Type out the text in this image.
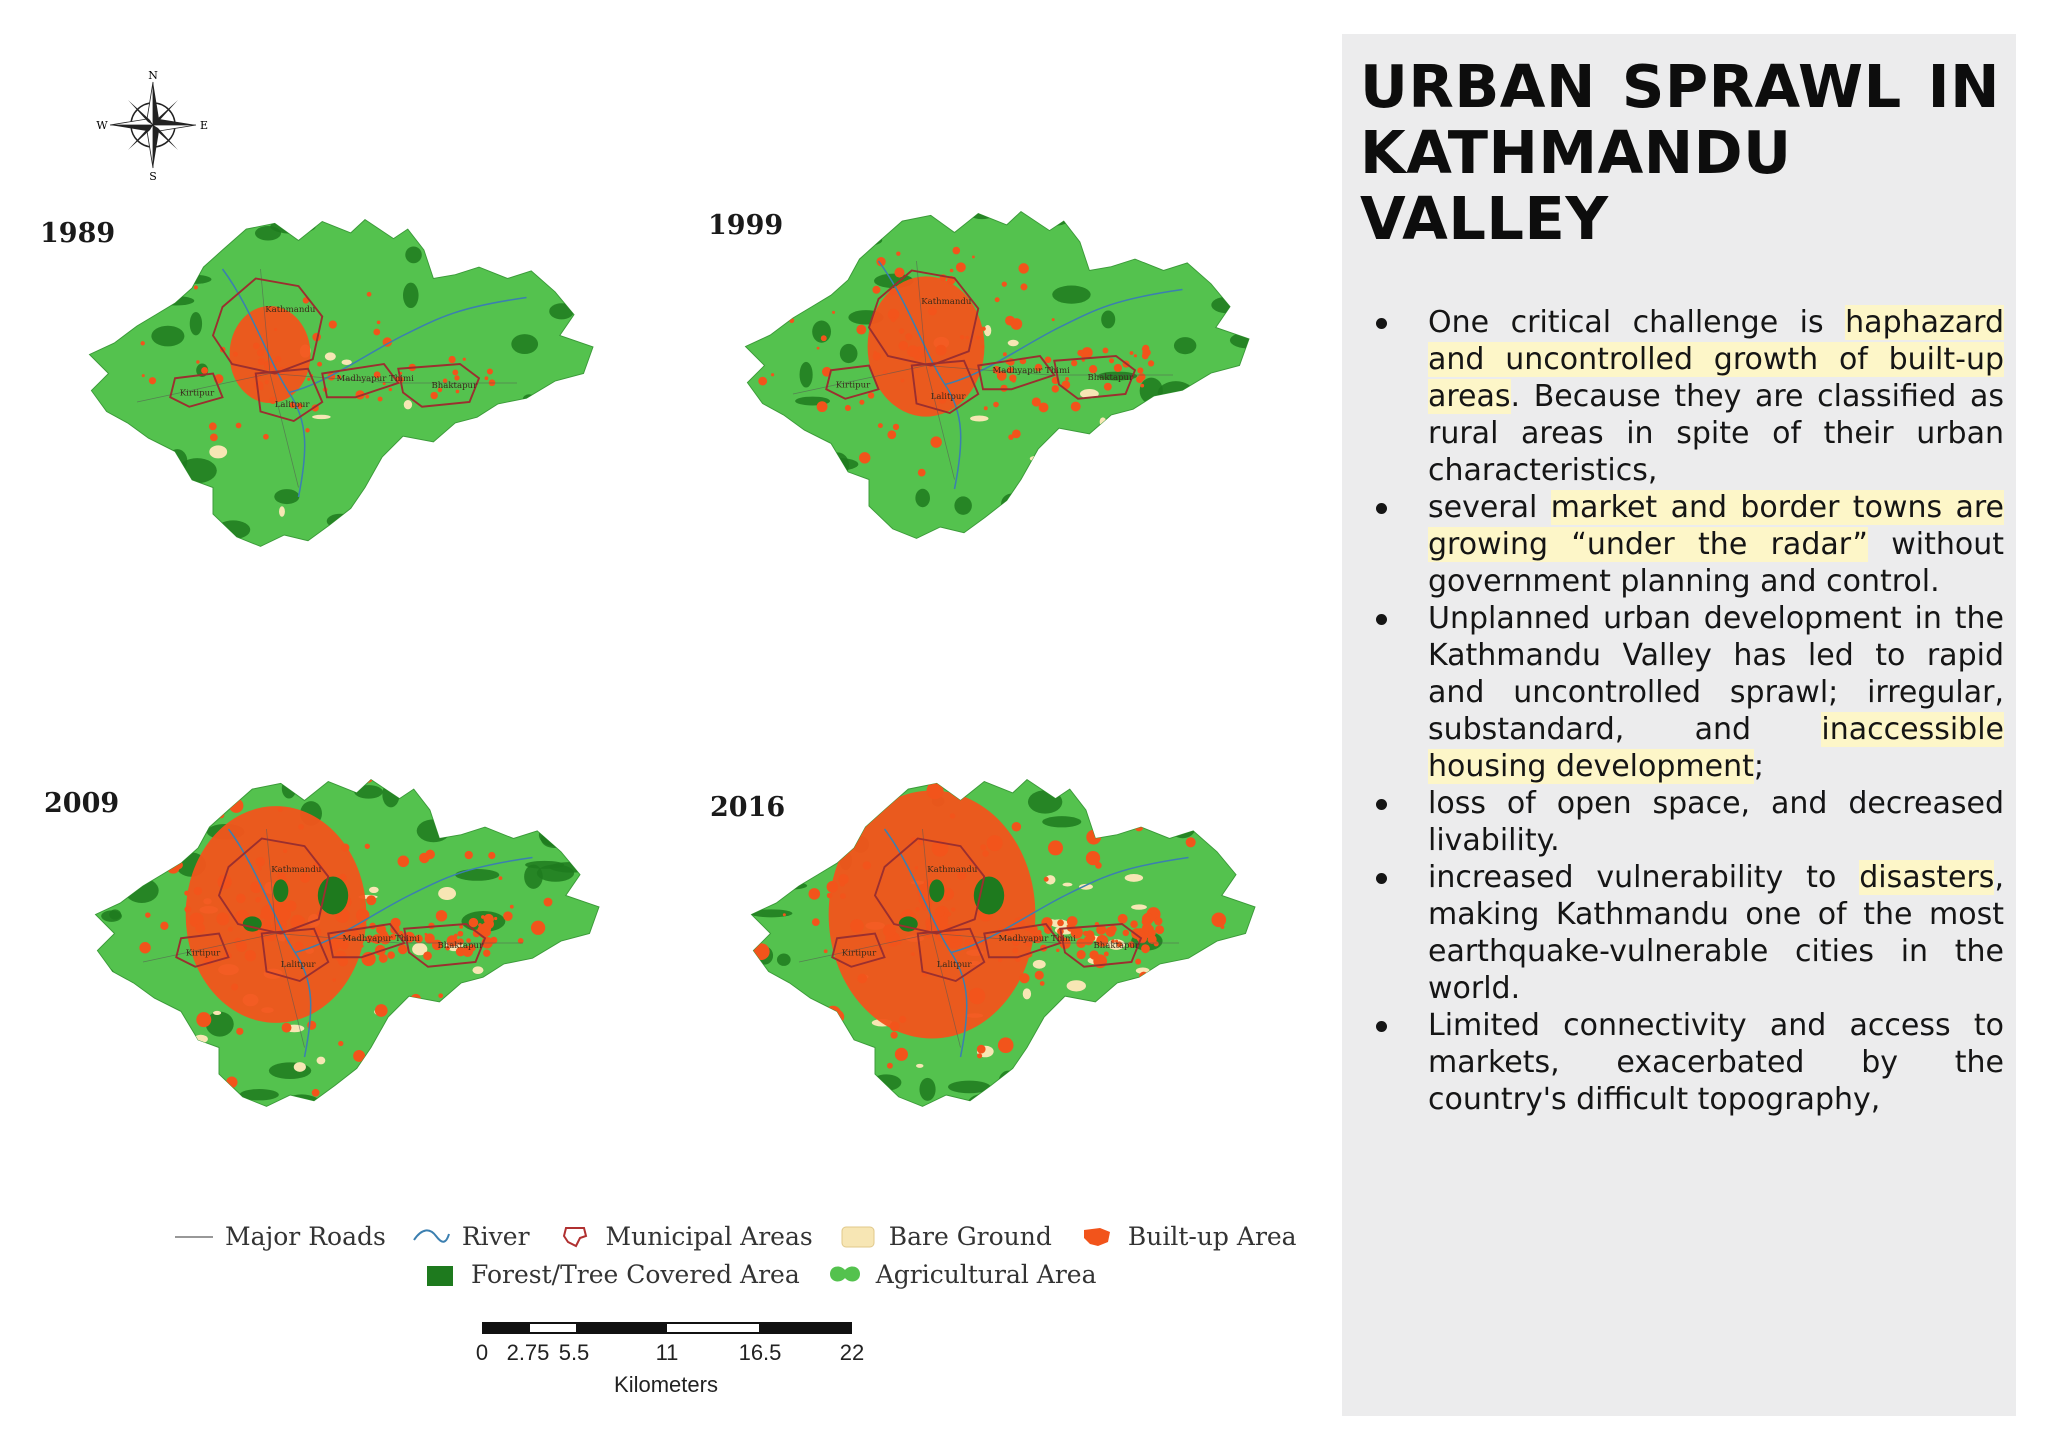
N
S
E
W
Kathmandu
Kirtipur
Lalitpur
Madhyapur Thimi
Bhaktapur
1989
Kathmandu
Kirtipur
Lalitpur
Madhyapur Thimi
Bhaktapur
1999
Kathmandu
Kirtipur
Lalitpur
Madhyapur Thimi
Bhaktapur
2009
Kathmandu
Kirtipur
Lalitpur
Madhyapur Thimi
Bhaktapur
2016
Major Roads	River	Municipal Areas	Bare Ground	Built-up Area
Forest/Tree Covered Area	Agricultural Area
0 2.75 5.5	11	16.5	22
Kilometers
URBAN SPRAWL IN
KATHMANDU VALLEY
One critical challenge is haphazard and uncontrolled growth of built-up areas. Because they are classified as rural areas in spite of their urban characteristics,
several market and border towns are growing “under the radar” without government planning and control.
Unplanned urban development in the Kathmandu Valley has led to rapid and uncontrolled sprawl; irregular, substandard, and inaccessible housing development;
loss of open space, and decreased livability.
increased vulnerability to disasters, making Kathmandu one of the most earthquake-vulnerable cities in the world.
Limited connectivity and access to markets, exacerbated by the country's difficult topography,
